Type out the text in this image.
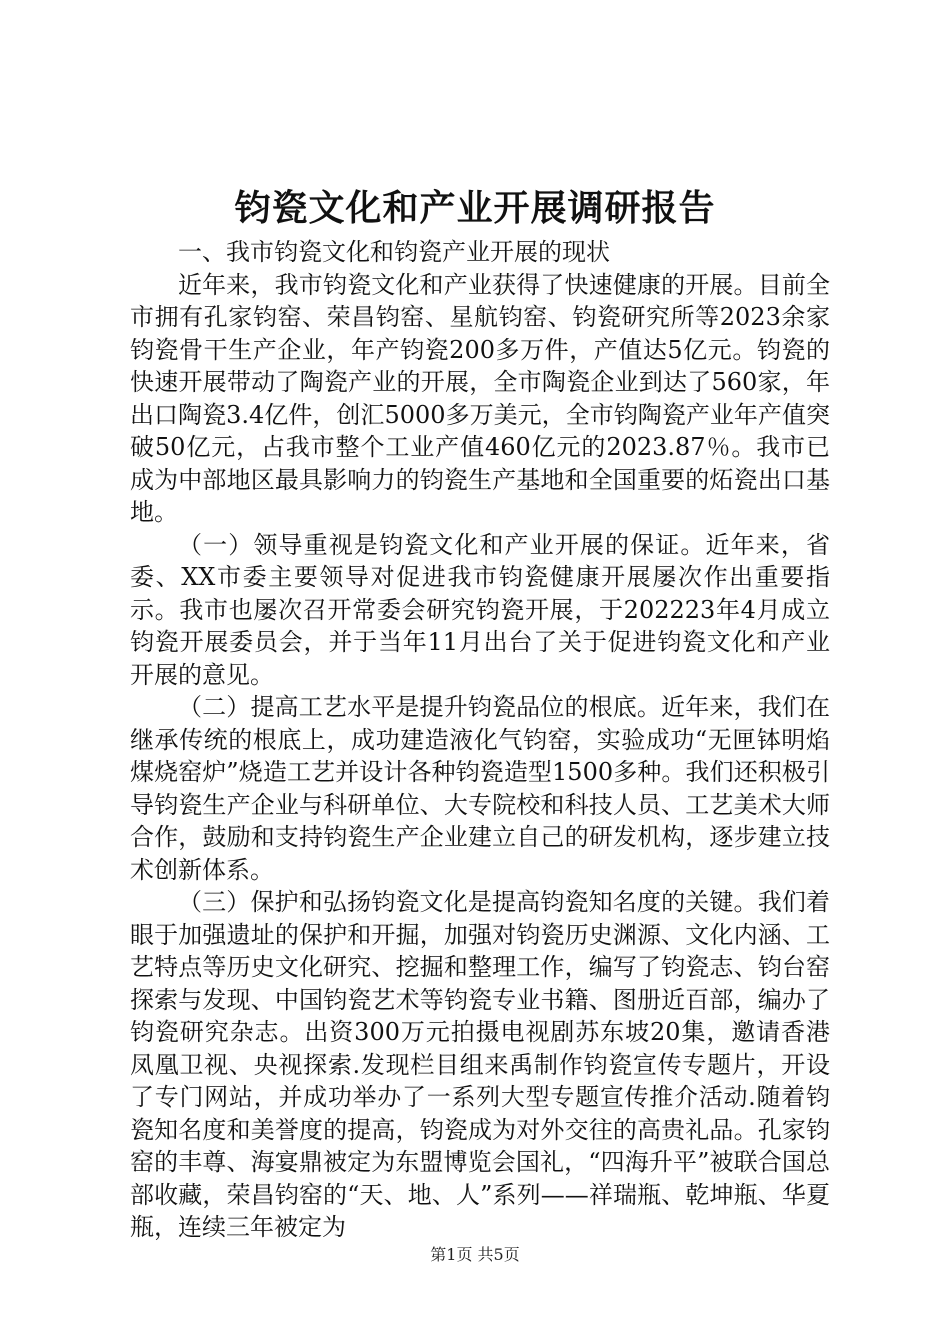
钧瓷文化和产业开展调研报告

一、我市钧瓷文化和钧瓷产业开展的现状

近年来，我市钧瓷文化和产业获得了快速健康的开展。目前全市拥有孔家钧窑、荣昌钧窑、星航钧窑、钧瓷研究所等2023余家钧瓷骨干生产企业，年产钧瓷200多万件，产值达5亿元。钧瓷的快速开展带动了陶瓷产业的开展，全市陶瓷企业到达了560家，年出口陶瓷3.4亿件，创汇5000多万美元，全市钧陶瓷产业年产值突破50亿元，占我市整个工业产值460亿元的2023.87％。我市已成为中部地区最具影响力的钧瓷生产基地和全国重要的炻瓷出口基地。

（一）领导重视是钧瓷文化和产业开展的保证。近年来，省委、XX市委主要领导对促进我市钧瓷健康开展屡次作出重要指示。我市也屡次召开常委会研究钧瓷开展，于202223年4月成立钧瓷开展委员会，并于当年11月出台了关于促进钧瓷文化和产业开展的意见。

（二）提高工艺水平是提升钧瓷品位的根底。近年来，我们在继承传统的根底上，成功建造液化气钧窑，实验成功“无匣钵明焰煤烧窑炉”烧造工艺并设计各种钧瓷造型1500多种。我们还积极引导钧瓷生产企业与科研单位、大专院校和科技人员、工艺美术大师合作，鼓励和支持钧瓷生产企业建立自己的研发机构，逐步建立技术创新体系。

（三）保护和弘扬钧瓷文化是提高钧瓷知名度的关键。我们着眼于加强遗址的保护和开掘，加强对钧瓷历史渊源、文化内涵、工艺特点等历史文化研究、挖掘和整理工作，编写了钧瓷志、钧台窑探索与发现、中国钧瓷艺术等钧瓷专业书籍、图册近百部，编办了钧瓷研究杂志。出资300万元拍摄电视剧苏东坡20集，邀请香港凤凰卫视、央视探索.发现栏目组来禹制作钧瓷宣传专题片，开设了专门网站，并成功举办了一系列大型专题宣传推介活动.随着钧瓷知名度和美誉度的提高，钧瓷成为对外交往的高贵礼品。孔家钧窑的丰尊、海宴鼎被定为东盟博览会国礼，“四海升平”被联合国总部收藏，荣昌钧窑的“天、地、人”系列——祥瑞瓶、乾坤瓶、华夏瓶，连续三年被定为

第1页 共5页
